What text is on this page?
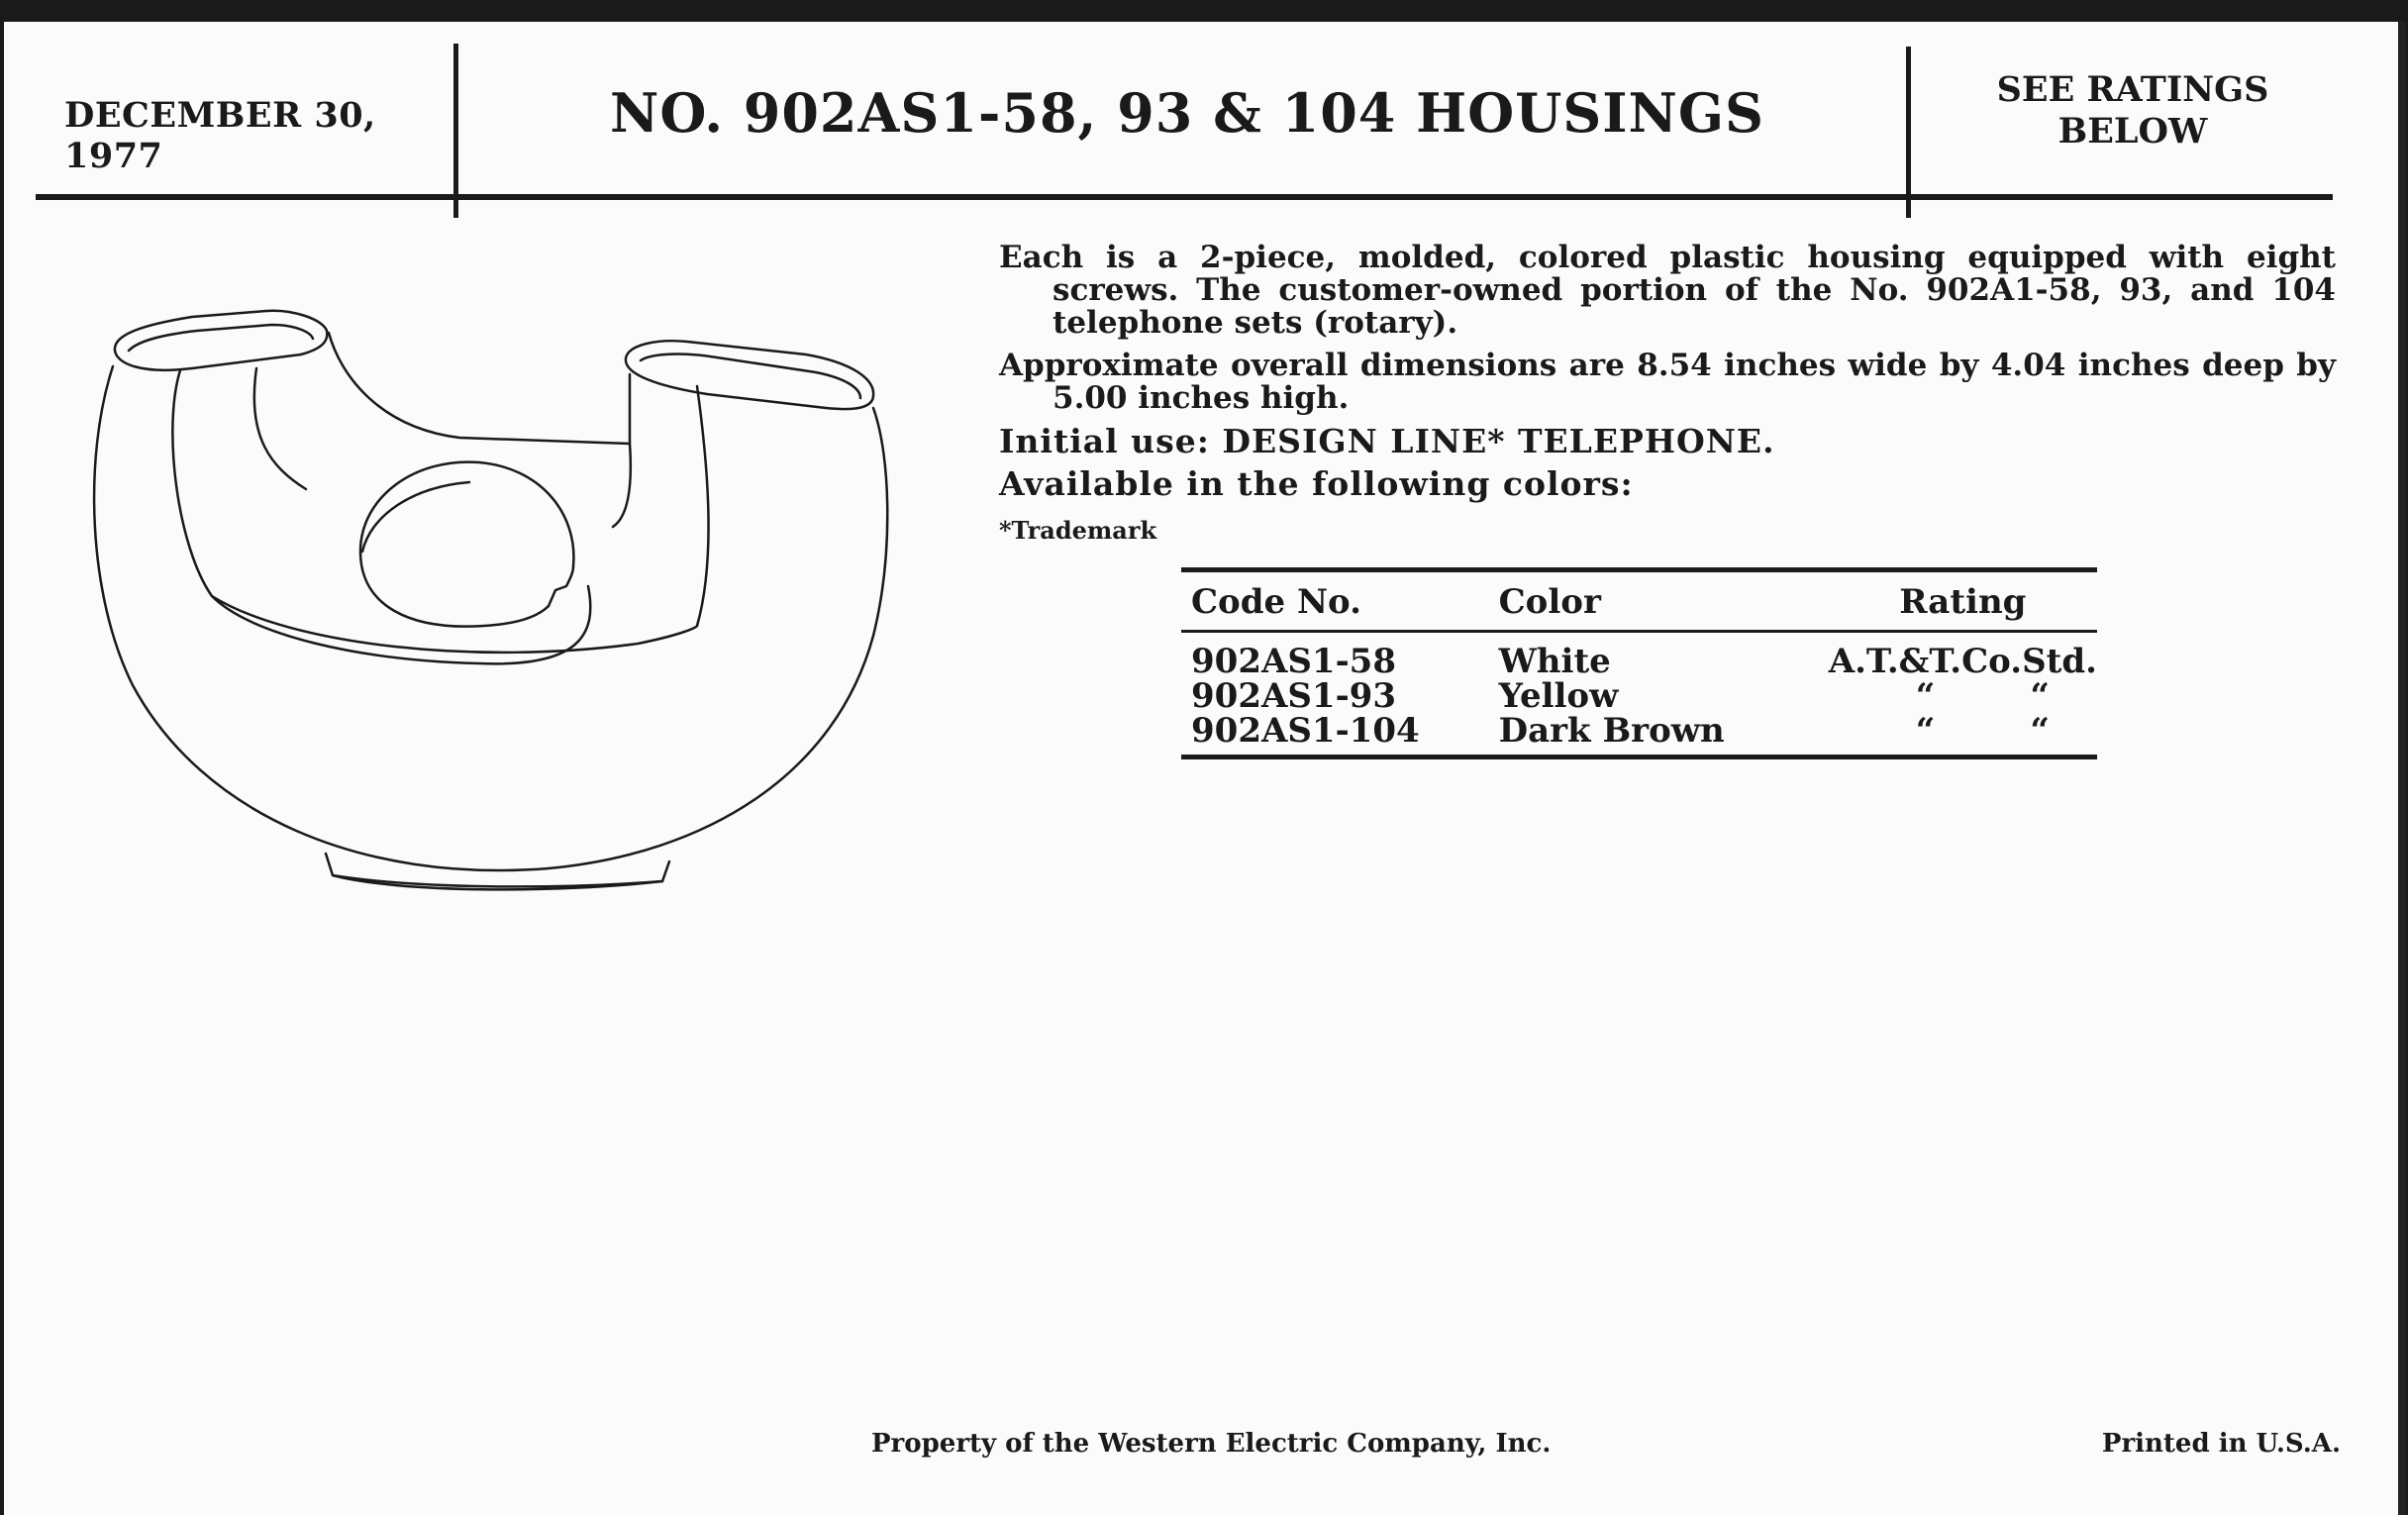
DECEMBER 30, 1977
NO. 902AS1-58, 93 & 104 HOUSINGS	SEE RATINGS
BELOW

Each is a 2-piece, molded, colored plastic housing equipped with eight screws. The customer-owned portion of the No. 902A1-58, 93, and 104 telephone sets (rotary).

Approximate overall dimensions are 8.54 inches wide by 4.04 inches deep by 5.00 inches high.

Initial use: DESIGN LINE* TELEPHONE.

Available in the following colors:

*Trademark
Code No.	Color	Rating
902AS1-58	White	A.T.&T.Co.Std.
902AS1-93	Yellow	“ “

902AS1-104	Dark Brown	“ “
Property of the Western Electric Company, Inc.	Printed in U.S.A.
